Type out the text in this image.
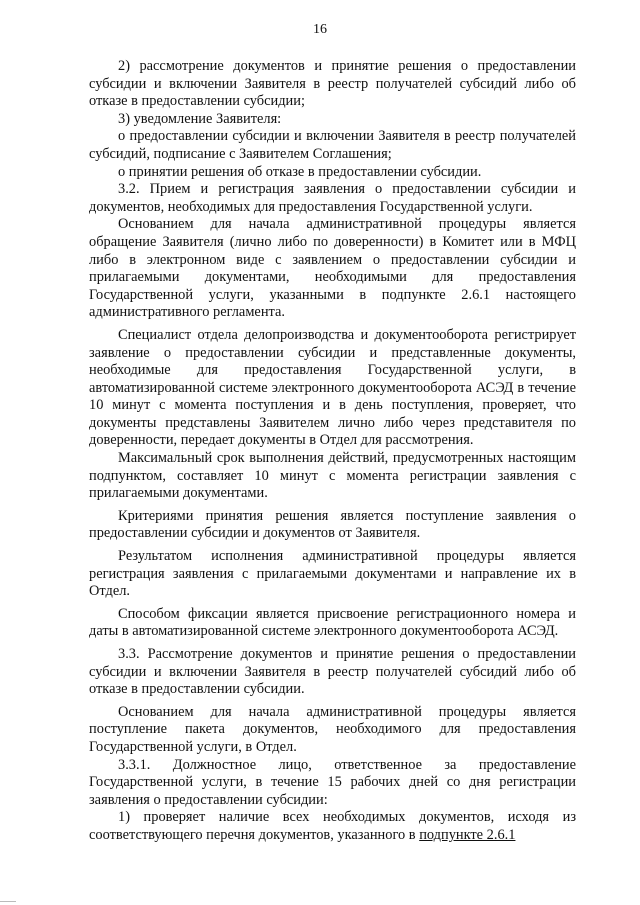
16

2) рассмотрение документов и принятие решения о предоставлении субсидии и включении Заявителя в реестр получателей субсидий либо об отказе в предоставлении субсидии;

3) уведомление Заявителя:

о предоставлении субсидии и включении Заявителя в реестр получателей субсидий, подписание с Заявителем Соглашения;

о принятии решения об отказе в предоставлении субсидии.

3.2. Прием и регистрация заявления о предоставлении субсидии и документов, необходимых для предоставления Государственной услуги.

Основанием для начала административной процедуры является обращение Заявителя (лично либо по доверенности) в Комитет или в МФЦ либо в электронном виде с заявлением о предоставлении субсидии и прилагаемыми документами, необходимыми для предоставления Государственной услуги, указанными в подпункте 2.6.1 настоящего административного регламента.

Специалист отдела делопроизводства и документооборота регистрирует заявление о предоставлении субсидии и представленные документы, необходимые для предоставления Государственной услуги, в автоматизированной системе электронного документооборота АСЭД в течение 10 минут с момента поступления и в день поступления, проверяет, что документы представлены Заявителем лично либо через представителя по доверенности, передает документы в Отдел для рассмотрения.

Максимальный срок выполнения действий, предусмотренных настоящим подпунктом, составляет 10 минут с момента регистрации заявления с прилагаемыми документами.

Критериями принятия решения является поступление заявления о предоставлении субсидии и документов от Заявителя.

Результатом исполнения административной процедуры является регистрация заявления с прилагаемыми документами и направление их в Отдел.

Способом фиксации является присвоение регистрационного номера и даты в автоматизированной системе электронного документооборота АСЭД.

3.3. Рассмотрение документов и принятие решения о предоставлении субсидии и включении Заявителя в реестр получателей субсидий либо об отказе в предоставлении субсидии.

Основанием для начала административной процедуры является поступление пакета документов, необходимого для предоставления Государственной услуги, в Отдел.

3.3.1. Должностное лицо, ответственное за предоставление Государственной услуги, в течение 15 рабочих дней со дня регистрации заявления о предоставлении субсидии:

1) проверяет наличие всех необходимых документов, исходя из соответствующего перечня документов, указанного в подпункте 2.6.1
